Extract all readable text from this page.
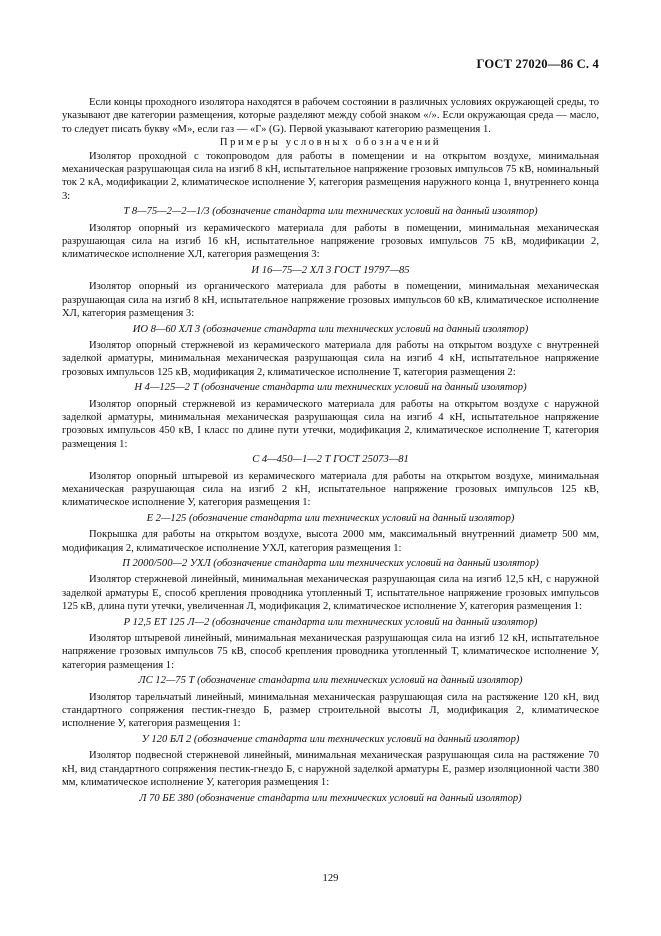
ГОСТ 27020—86 С. 4

Если концы проходного изолятора находятся в рабочем состоянии в различных условиях окружающей среды, то указывают две категории размещения, которые разделяют между собой знаком «/». Если окружающая среда — масло, то следует писать букву «М», если газ — «Г» (G). Первой указывают категорию размещения 1.

Примеры условных обозначений

Изолятор проходной с токопроводом для работы в помещении и на открытом воздухе, минимальная механическая разрушающая сила на изгиб 8 кН, испытательное напряжение грозовых импульсов 75 кВ, номинальный ток 2 кА, модификации 2, климатическое исполнение У, категория размещения наружного конца 1, внутреннего конца 3:

Т 8—75—2—2—1/3 (обозначение стандарта или технических условий на данный изолятор)

Изолятор опорный из керамического материала для работы в помещении, минимальная механическая разрушающая сила на изгиб 16 кН, испытательное напряжение грозовых импульсов 75 кВ, модификации 2, климатическое исполнение ХЛ, категория размещения 3:

И 16—75—2 ХЛ 3 ГОСТ 19797—85

Изолятор опорный из органического материала для работы в помещении, минимальная механическая разрушающая сила на изгиб 8 кН, испытательное напряжение грозовых импульсов 60 кВ, климатическое исполнение ХЛ, категория размещения 3:

ИО 8—60 ХЛ 3 (обозначение стандарта или технических условий на данный изолятор)

Изолятор опорный стержневой из керамического материала для работы на открытом воздухе с внутренней заделкой арматуры, минимальная механическая разрушающая сила на изгиб 4 кН, испытательное напряжение грозовых импульсов 125 кВ, модификация 2, климатическое исполнение Т, категория размещения 2:

Н 4—125—2 Т (обозначение стандарта или технических условий на данный изолятор)

Изолятор опорный стержневой из керамического материала для работы на открытом воздухе с наружной заделкой арматуры, минимальная механическая разрушающая сила на изгиб 4 кН, испытательное напряжение грозовых импульсов 450 кВ, I класс по длине пути утечки, модификация 2, климатическое исполнение Т, категория размещения 1:

С 4—450—1—2 Т ГОСТ 25073—81

Изолятор опорный штыревой из керамического материала для работы на открытом воздухе, минимальная механическая разрушающая сила на изгиб 2 кН, испытательное напряжение грозовых импульсов 125 кВ, климатическое исполнение У, категория размещения 1:

Е 2—125 (обозначение стандарта или технических условий на данный изолятор)

Покрышка для работы на открытом воздухе, высота 2000 мм, максимальный внутренний диаметр 500 мм, модификация 2, климатическое исполнение УХЛ, категория размещения 1:

П 2000/500—2 УХЛ (обозначение стандарта или технических условий на данный изолятор)

Изолятор стержневой линейный, минимальная механическая разрушающая сила на изгиб 12,5 кН, с наружной заделкой арматуры Е, способ крепления проводника утопленный Т, испытательное напряжение грозовых импульсов 125 кВ, длина пути утечки, увеличенная Л, модификация 2, климатическое исполнение У, категория размещения 1:

Р 12,5 ЕТ 125 Л—2 (обозначение стандарта или технических условий на данный изолятор)

Изолятор штыревой линейный, минимальная механическая разрушающая сила на изгиб 12 кН, испытательное напряжение грозовых импульсов 75 кВ, способ крепления проводника утопленный Т, климатическое исполнение У, категория размещения 1:

ЛС 12—75 Т (обозначение стандарта или технических условий на данный изолятор)

Изолятор тарельчатый линейный, минимальная механическая разрушающая сила на растяжение 120 кН, вид стандартного сопряжения пестик-гнездо Б, размер строительной высоты Л, модификация 2, климатическое исполнение У, категория размещения 1:

У 120 БЛ 2 (обозначение стандарта или технических условий на данный изолятор)

Изолятор подвесной стержневой линейный, минимальная механическая разрушающая сила на растяжение 70 кН, вид стандартного сопряжения пестик-гнездо Б, с наружной заделкой арматуры Е, размер изоляционной части 380 мм, климатическое исполнение У, категория размещения 1:

Л 70 БЕ 380 (обозначение стандарта или технических условий на данный изолятор)

129
